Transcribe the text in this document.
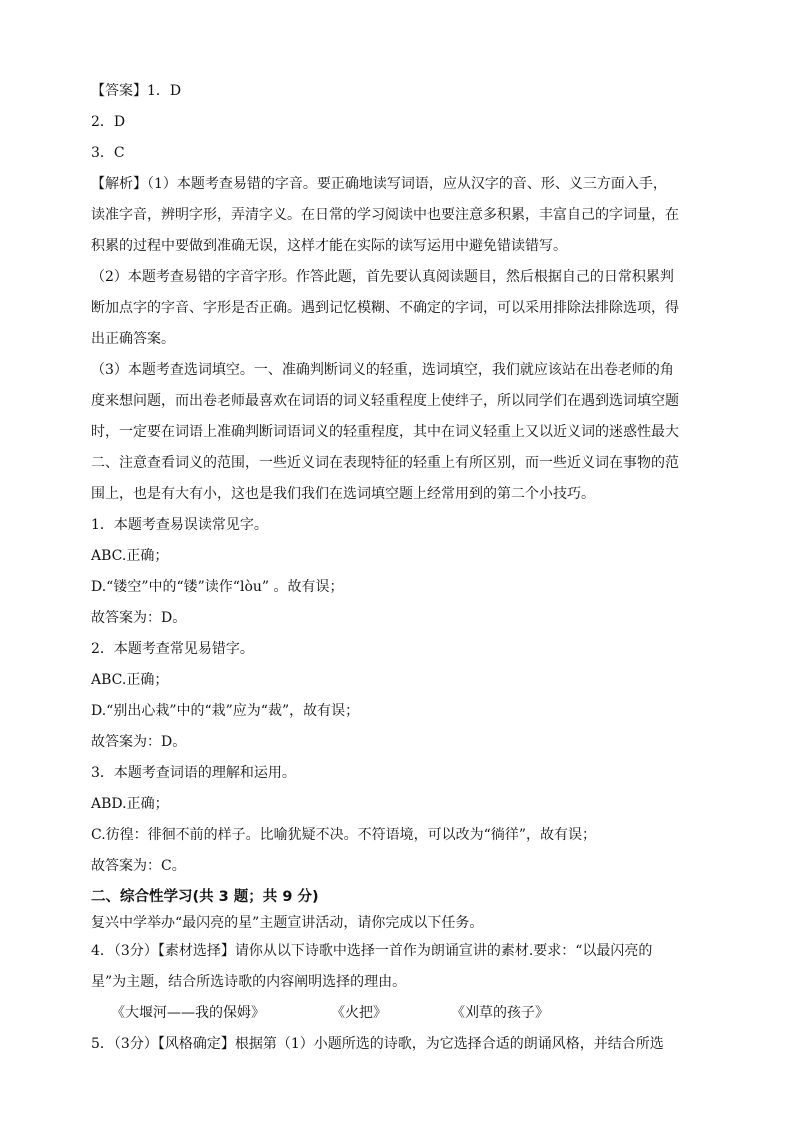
【答案】1．D
2．D
3．C
【解析】（1）本题考查易错的字音。要正确地读写词语，应从汉字的音、形、义三方面入手，
读准字音，辨明字形，弄清字义。在日常的学习阅读中也要注意多积累，丰富自己的字词量，在
积累的过程中要做到准确无误，这样才能在实际的读写运用中避免错读错写。
（2）本题考查易错的字音字形。作答此题，首先要认真阅读题目，然后根据自己的日常积累判
断加点字的字音、字形是否正确。遇到记忆模糊、不确定的字词，可以采用排除法排除选项，得
出正确答案。
（3）本题考查选词填空。一、准确判断词义的轻重，选词填空，我们就应该站在出卷老师的角
度来想问题，而出卷老师最喜欢在词语的词义轻重程度上使绊子，所以同学们在遇到选词填空题
时，一定要在词语上准确判断词语词义的轻重程度，其中在词义轻重上又以近义词的迷惑性最大
二、注意查看词义的范围，一些近义词在表现特征的轻重上有所区别，而一些近义词在事物的范
围上，也是有大有小，这也是我们我们在选词填空题上经常用到的第二个小技巧。
1．本题考查易误读常见字。
ABC.正确；
D.“镂空”中的“镂”读作“lòu” 。故有误；
故答案为：D。
2．本题考查常见易错字。
ABC.正确；
D.“别出心栽”中的“栽”应为“裁”，故有误；
故答案为：D。
3．本题考查词语的理解和运用。
ABD.正确；
C.彷徨：徘徊不前的样子。比喻犹疑不决。不符语境，可以改为“徜徉”，故有误；
故答案为：C。
二、综合性学习(共 3 题；共 9 分)
复兴中学举办“最闪亮的星”主题宣讲活动，请你完成以下任务。
4．（3分）【素材选择】请你从以下诗歌中选择一首作为朗诵宣讲的素材.要求：“以最闪亮的
星”为主题，结合所选诗歌的内容阐明选择的理由。
《大堰河——我的保姆》	《火把》	《刈草的孩子》
5．（3分）【风格确定】根据第（1）小题所选的诗歌，为它选择合适的朗诵风格，并结合所选
